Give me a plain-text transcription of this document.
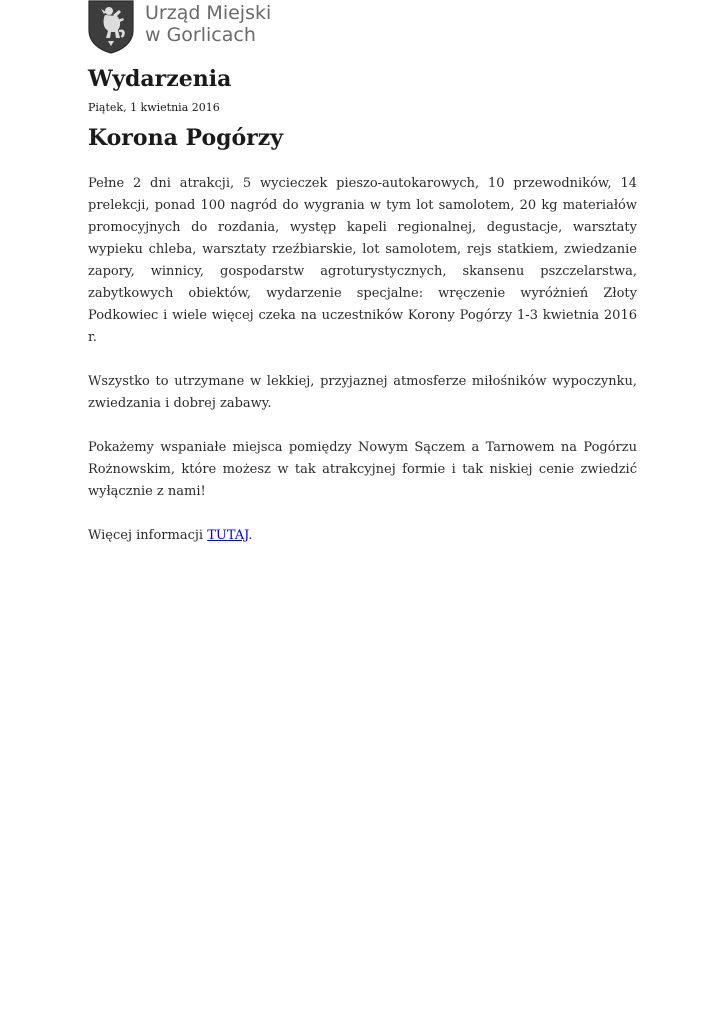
Urząd Miejski
w Gorlicach
Wydarzenia
Piątek, 1 kwietnia 2016
Korona Pogórzy

Pełne 2 dni atrakcji, 5 wycieczek pieszo-autokarowych, 10 przewodników, 14 prelekcji, ponad 100 nagród do wygrania w tym lot samolotem, 20 kg materiałów promocyjnych do rozdania, występ kapeli regionalnej, degustacje, warsztaty wypieku chleba, warsztaty rzeźbiarskie, lot samolotem, rejs statkiem, zwiedzanie zapory, winnicy, gospodarstw agroturystycznych, skansenu pszczelarstwa, zabytkowych obiektów, wydarzenie specjalne: wręczenie wyróżnień Złoty Podkowiec i wiele więcej czeka na uczestników Korony Pogórzy 1-3 kwietnia 2016 r.

Wszystko to utrzymane w lekkiej, przyjaznej atmosferze miłośników wypoczynku, zwiedzania i dobrej zabawy.

Pokażemy wspaniałe miejsca pomiędzy Nowym Sączem a Tarnowem na Pogórzu Rożnowskim, które możesz w tak atrakcyjnej formie i tak niskiej cenie zwiedzić wyłącznie z nami!

Więcej informacji TUTAJ.
